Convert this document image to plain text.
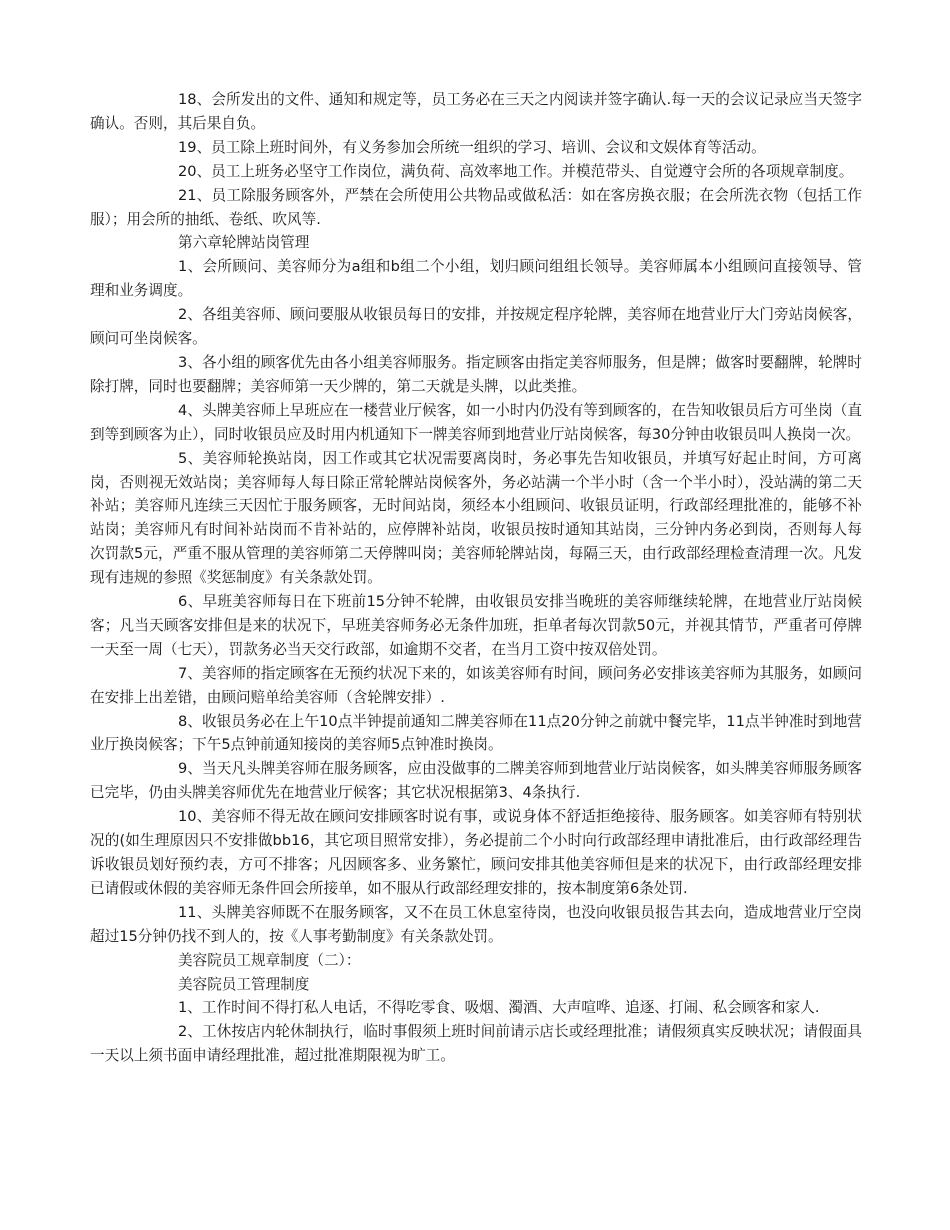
18、会所发出的文件、通知和规定等，员工务必在三天之内阅读并签字确认.每一天的会议记录应当天签字确认。否则，其后果自负。

19、员工除上班时间外，有义务参加会所统一组织的学习、培训、会议和文娱体育等活动。

20、员工上班务必坚守工作岗位，满负荷、高效率地工作。并模范带头、自觉遵守会所的各项规章制度。

21、员工除服务顾客外，严禁在会所使用公共物品或做私活：如在客房换衣服；在会所洗衣物（包括工作服）；用会所的抽纸、卷纸、吹风等.

第六章轮牌站岗管理

1、会所顾问、美容师分为a组和b组二个小组，划归顾问组组长领导。美容师属本小组顾问直接领导、管理和业务调度。

2、各组美容师、顾问要服从收银员每日的安排，并按规定程序轮牌，美容师在地营业厅大门旁站岗候客，顾问可坐岗候客。

3、各小组的顾客优先由各小组美容师服务。指定顾客由指定美容师服务，但是牌；做客时要翻牌，轮牌时除打牌，同时也要翻牌；美容师第一天少牌的，第二天就是头牌，以此类推。

4、头牌美容师上早班应在一楼营业厅候客，如一小时内仍没有等到顾客的，在告知收银员后方可坐岗（直到等到顾客为止），同时收银员应及时用内机通知下一牌美容师到地营业厅站岗候客，每30分钟由收银员叫人换岗一次。

5、美容师轮换站岗，因工作或其它状况需要离岗时，务必事先告知收银员，并填写好起止时间，方可离岗，否则视无效站岗；美容师每人每日除正常轮牌站岗候客外，务必站满一个半小时（含一个半小时），没站满的第二天补站；美容师凡连续三天因忙于服务顾客，无时间站岗，须经本小组顾问、收银员证明，行政部经理批准的，能够不补站岗；美容师凡有时间补站岗而不肯补站的，应停牌补站岗，收银员按时通知其站岗，三分钟内务必到岗，否则每人每次罚款5元，严重不服从管理的美容师第二天停牌叫岗；美容师轮牌站岗，每隔三天，由行政部经理检查清理一次。凡发现有违规的参照《奖惩制度》有关条款处罚。

6、早班美容师每日在下班前15分钟不轮牌，由收银员安排当晚班的美容师继续轮牌，在地营业厅站岗候客；凡当天顾客安排但是来的状况下，早班美容师务必无条件加班，拒单者每次罚款50元，并视其情节，严重者可停牌一天至一周（七天），罚款务必当天交行政部，如逾期不交者，在当月工资中按双倍处罚。

7、美容师的指定顾客在无预约状况下来的，如该美容师有时间，顾问务必安排该美容师为其服务，如顾问在安排上出差错，由顾问赔单给美容师（含轮牌安排）.

8、收银员务必在上午10点半钟提前通知二牌美容师在11点20分钟之前就中餐完毕，11点半钟准时到地营业厅换岗候客；下午5点钟前通知接岗的美容师5点钟准时换岗。

9、当天凡头牌美容师在服务顾客，应由没做事的二牌美容师到地营业厅站岗候客，如头牌美容师服务顾客已完毕，仍由头牌美容师优先在地营业厅候客；其它状况根据第3、4条执行.

10、美容师不得无故在顾问安排顾客时说有事，或说身体不舒适拒绝接待、服务顾客。如美容师有特别状况的(如生理原因只不安排做bb16，其它项目照常安排），务必提前二个小时向行政部经理申请批准后，由行政部经理告诉收银员划好预约表，方可不排客；凡因顾客多、业务繁忙，顾问安排其他美容师但是来的状况下，由行政部经理安排已请假或休假的美容师无条件回会所接单，如不服从行政部经理安排的，按本制度第6条处罚.

11、头牌美容师既不在服务顾客，又不在员工休息室待岗，也没向收银员报告其去向，造成地营业厅空岗超过15分钟仍找不到人的，按《人事考勤制度》有关条款处罚。

美容院员工规章制度（二）：

美容院员工管理制度

1、工作时间不得打私人电话，不得吃零食、吸烟、濁酒、大声喧哗、追逐、打闹、私会顾客和家人.

2、工休按店内轮休制执行，临时事假须上班时间前请示店长或经理批准；请假须真实反映状况；请假面具一天以上须书面申请经理批准，超过批准期限视为旷工。
